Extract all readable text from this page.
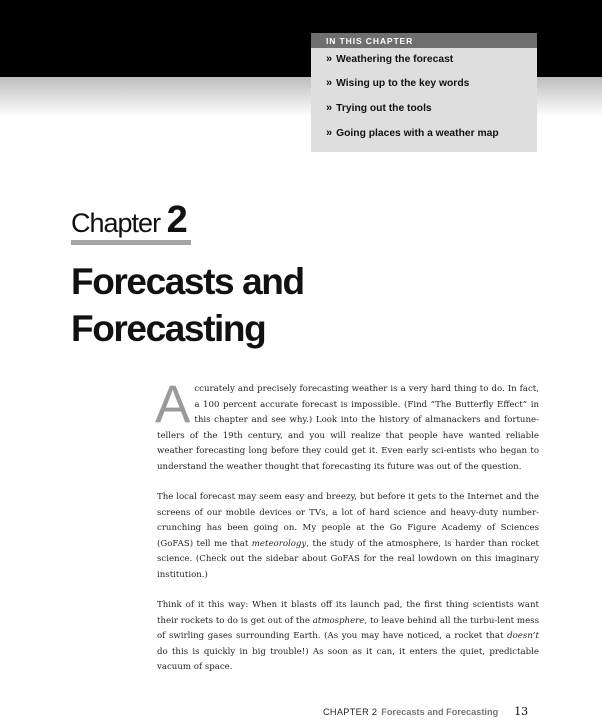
IN THIS CHAPTER
» Weathering the forecast
» Wising up to the key words
» Trying out the tools
» Going places with a weather map
Chapter 2
Forecasts and
Forecasting

Accurately and precisely forecasting weather is a very hard thing to do. In fact, a 100 percent accurate forecast is impossible. (Find “The Butterfly Effect” in this chapter and see why.) Look into the history of almanackers and fortune-tellers of the 19th century, and you will realize that people have wanted reliable weather forecasting long before they could get it. Even early sci-entists who began to understand the weather thought that forecasting its future was out of the question.

The local forecast may seem easy and breezy, but before it gets to the Internet and the screens of our mobile devices or TVs, a lot of hard science and heavy-duty number-crunching has been going on. My people at the Go Figure Academy of Sciences (GoFAS) tell me that meteorology, the study of the atmosphere, is harder than rocket science. (Check out the sidebar about GoFAS for the real lowdown on this imaginary institution.)

Think of it this way: When it blasts off its launch pad, the first thing scientists want their rockets to do is get out of the atmosphere, to leave behind all the turbu-lent mess of swirling gases surrounding Earth. (As you may have noticed, a rocket that doesn’t do this is quickly in big trouble!) As soon as it can, it enters the quiet, predictable vacuum of space.

CHAPTER 2 Forecasts and Forecasting 13
